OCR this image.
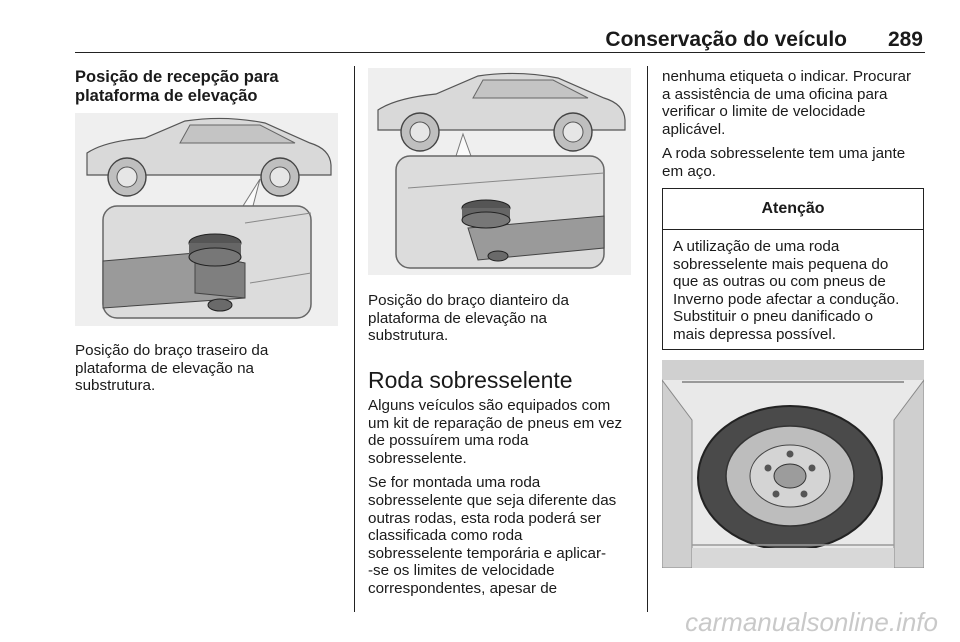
Conservação do veículo 289
Posição de recepção para
plataforma de elevação
Posição do braço traseiro da
plataforma de elevação na
substrutura.
Posição do braço dianteiro da
plataforma de elevação na
substrutura.
Roda sobresselente

Alguns veículos são equipados com
um kit de reparação de pneus em vez
de possuírem uma roda
sobresselente.

Se for montada uma roda
sobresselente que seja diferente das
outras rodas, esta roda poderá ser
classificada como roda
sobresselente temporária e aplicar-
-se os limites de velocidade
correspondentes, apesar de

nenhuma etiqueta o indicar. Procurar
a assistência de uma oficina para
verificar o limite de velocidade
aplicável.

A roda sobresselente tem uma jante
em aço.

Atenção
A utilização de uma roda
sobresselente mais pequena do
que as outras ou com pneus de
Inverno pode afectar a condução.
Substituir o pneu danificado o
mais depressa possível.
carmanualsonline.info
